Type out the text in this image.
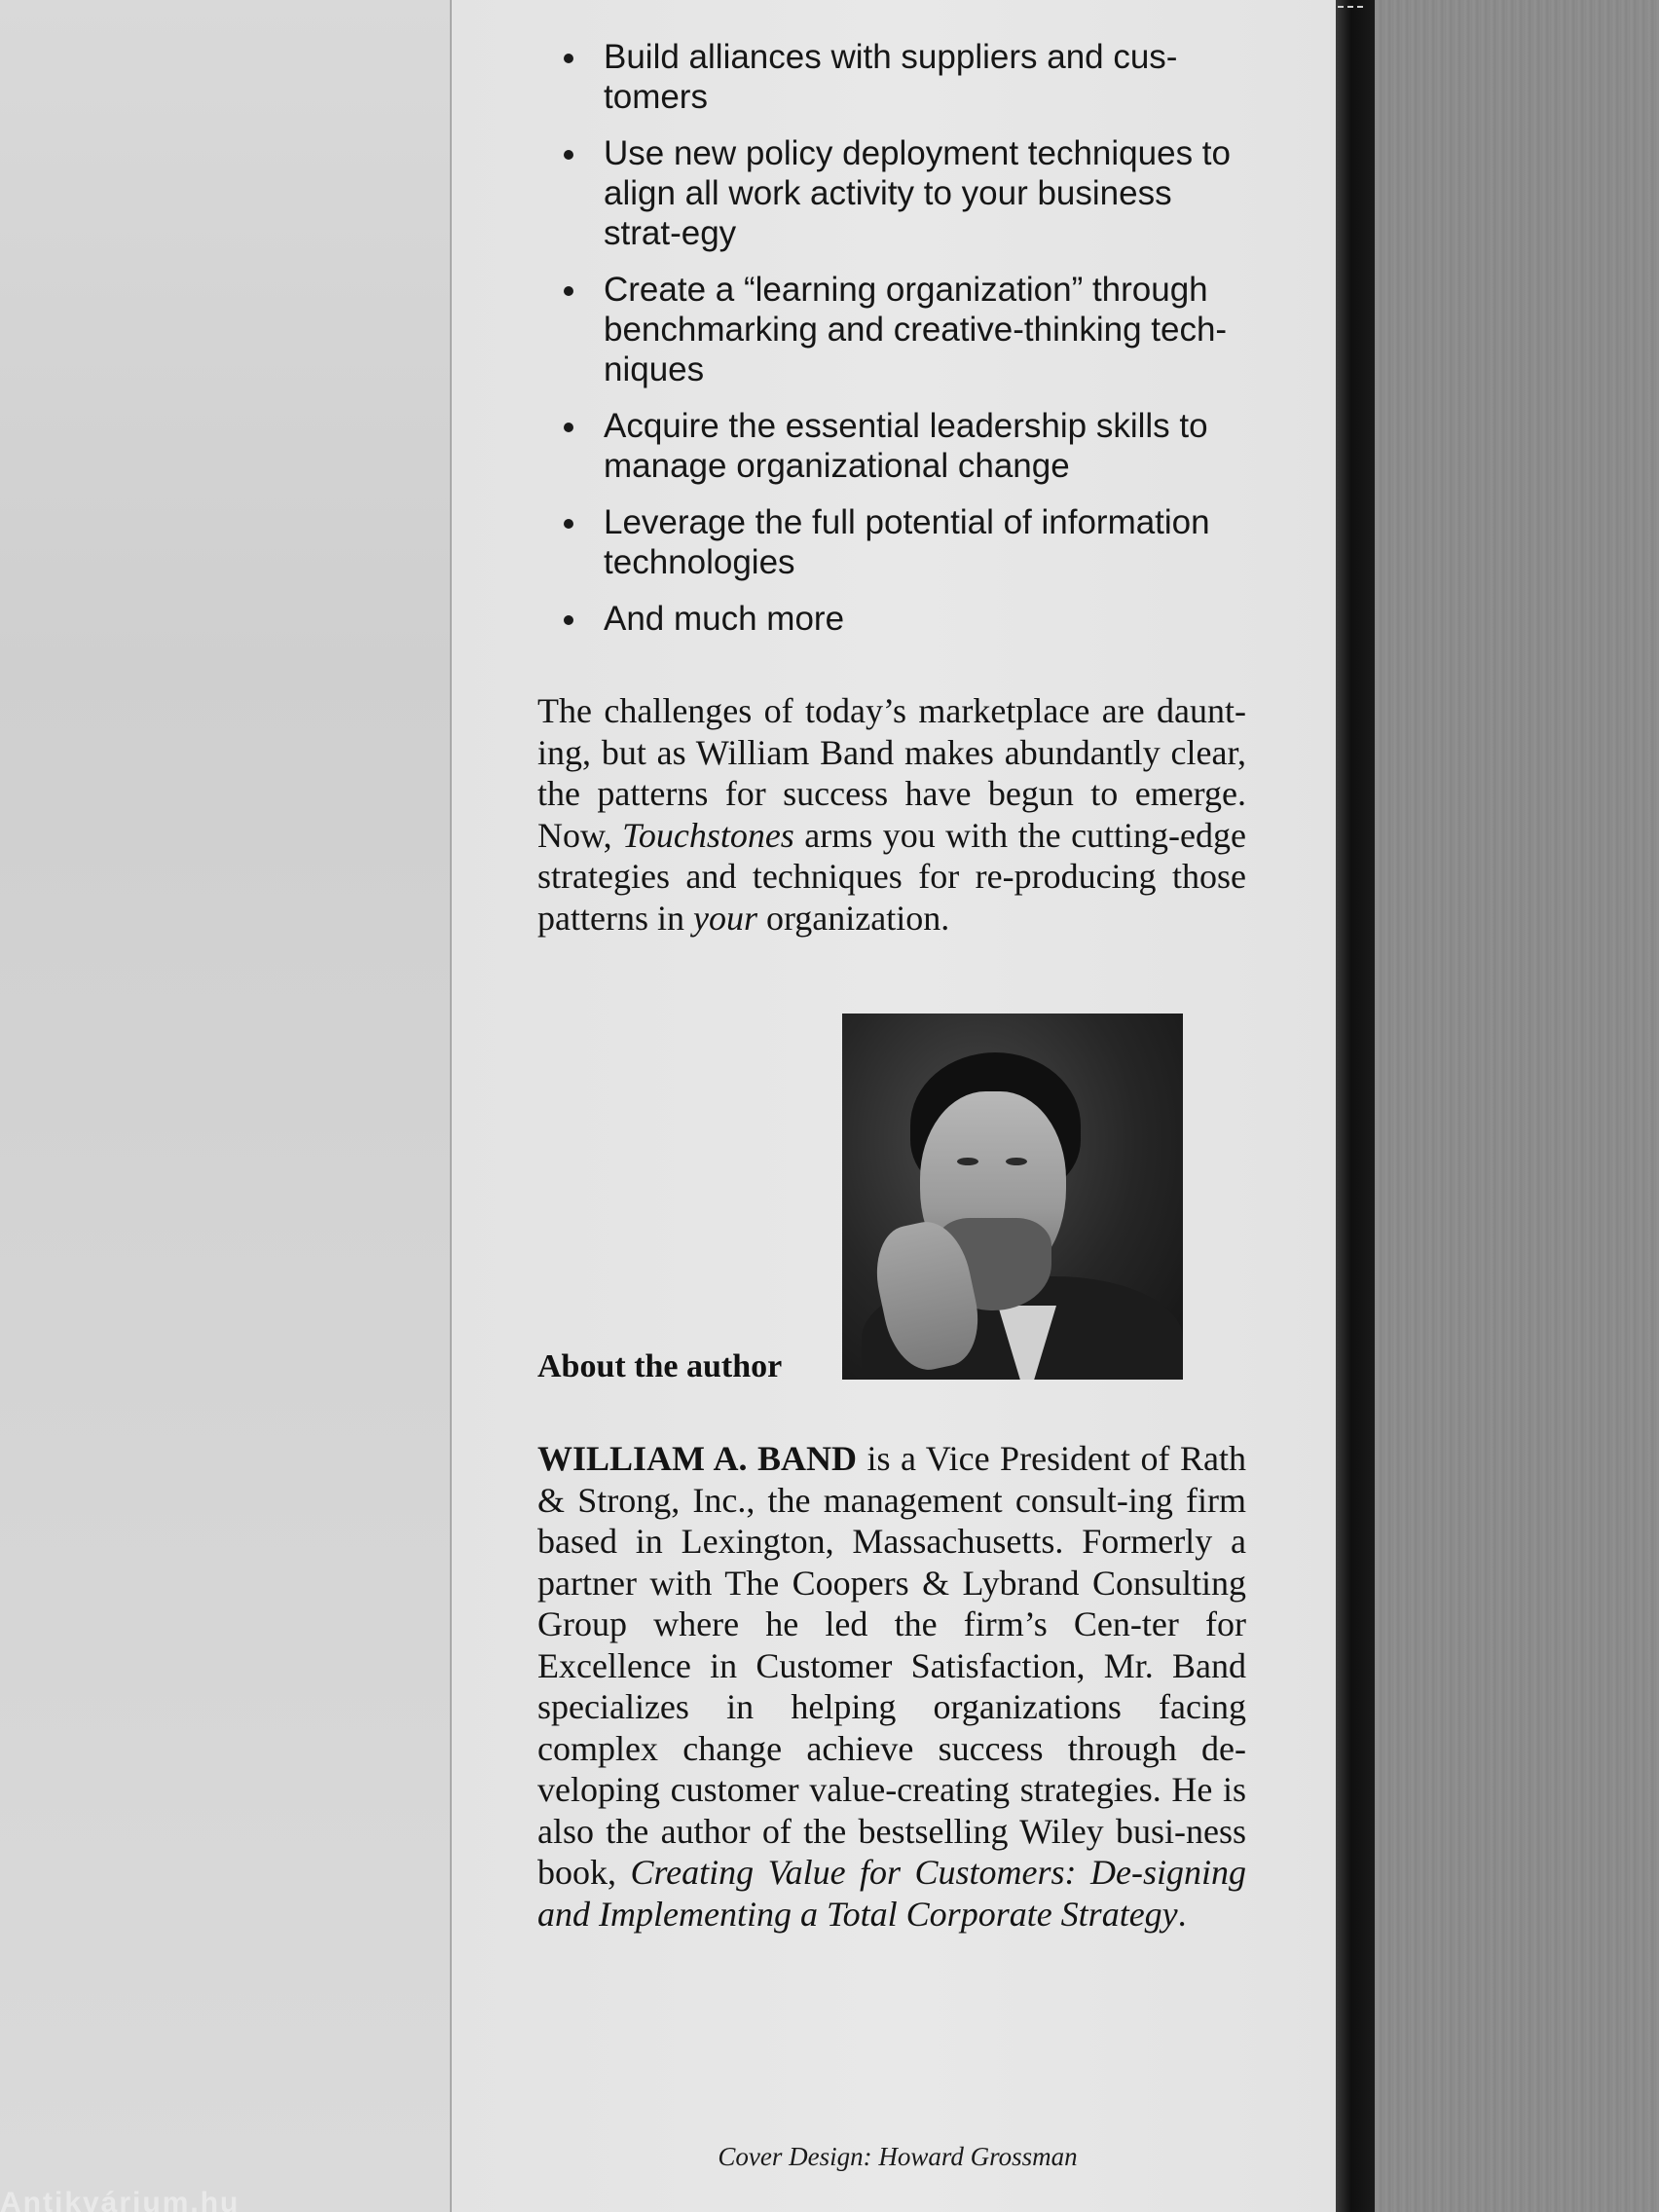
Antikvárium.hu
Build alliances with suppliers and cus-tomers
Use new policy deployment techniques to align all work activity to your business strat-egy
Create a “learning organization” through benchmarking and creative-thinking tech-niques
Acquire the essential leadership skills to manage organizational change
Leverage the full potential of information technologies
And much more

The challenges of today’s marketplace are daunt-ing, but as William Band makes abundantly clear, the patterns for success have begun to emerge. Now, Touchstones arms you with the cutting-edge strategies and techniques for re-producing those patterns in your organization.

About the author

WILLIAM A. BAND is a Vice President of Rath & Strong, Inc., the management consult-ing firm based in Lexington, Massachusetts. Formerly a partner with The Coopers & Lybrand Consulting Group where he led the firm’s Cen-ter for Excellence in Customer Satisfaction, Mr. Band specializes in helping organizations facing complex change achieve success through de-veloping customer value-creating strategies. He is also the author of the bestselling Wiley busi-ness book, Creating Value for Customers: De-signing and Implementing a Total Corporate Strategy.

Cover Design: Howard Grossman
